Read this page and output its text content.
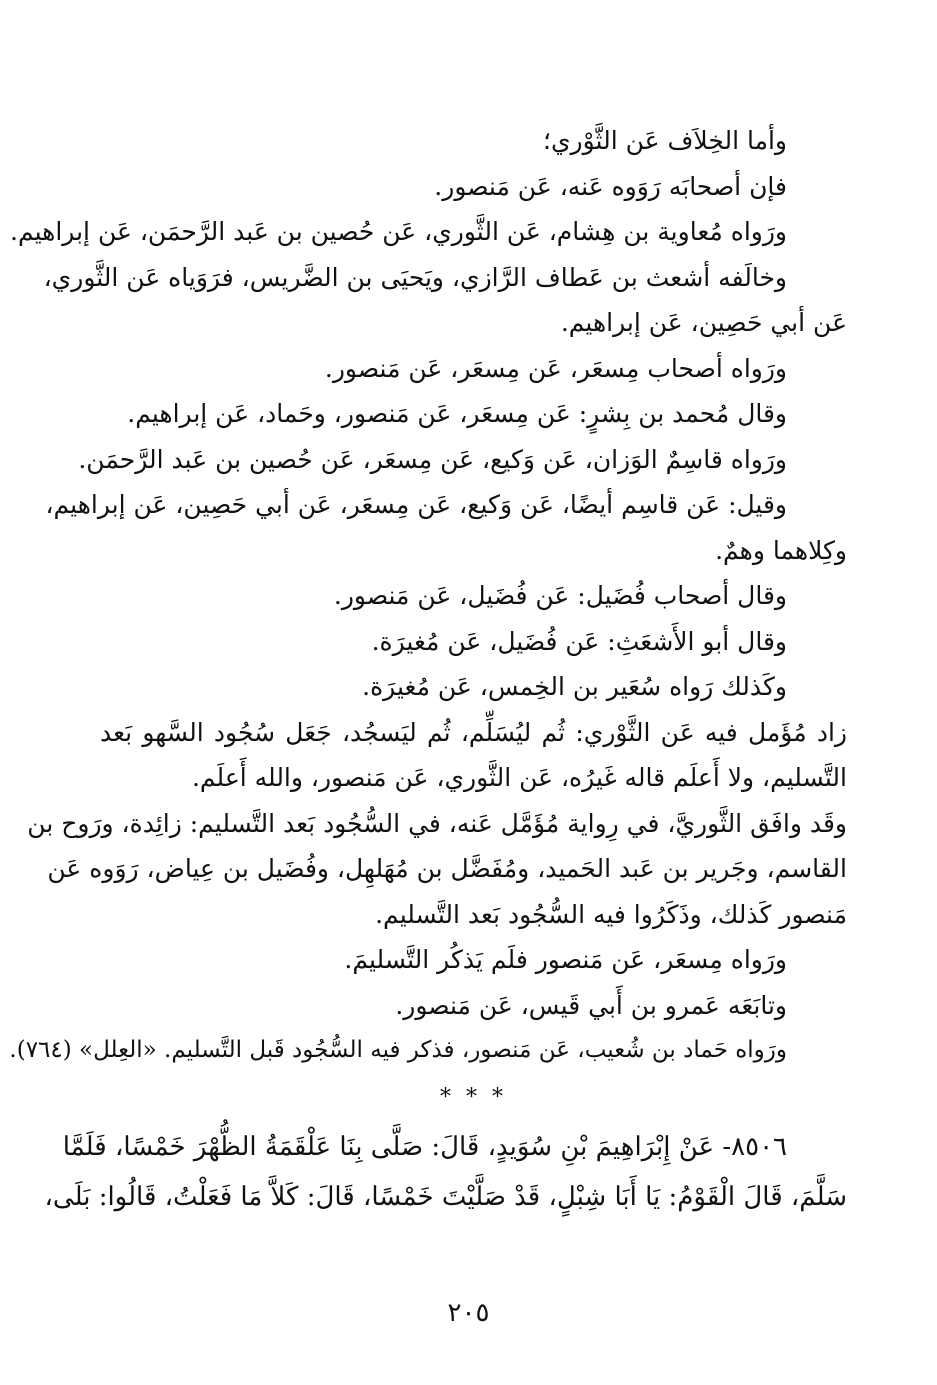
وأما الخِلاَف عَن الثَّوْري؛
فإن أصحابَه رَوَوه عَنه، عَن مَنصور.
ورَواه مُعاوية بن هِشام، عَن الثَّوري، عَن حُصين بن عَبد الرَّحمَن، عَن إبراهيم.
وخالَفه أشعث بن عَطاف الرَّازي، ويَحيَى بن الضَّريس، فرَوَياه عَن الثَّوري،
عَن أبي حَصِين، عَن إبراهيم.
ورَواه أصحاب مِسعَر، عَن مِسعَر، عَن مَنصور.
وقال مُحمد بن بِشرٍ: عَن مِسعَر، عَن مَنصور، وحَماد، عَن إبراهيم.
ورَواه قاسِمٌ الوَزان، عَن وَكيع، عَن مِسعَر، عَن حُصين بن عَبد الرَّحمَن.
وقيل: عَن قاسِم أيضًا، عَن وَكيع، عَن مِسعَر، عَن أبي حَصِين، عَن إبراهيم،
وكِلاهما وهمٌ.
وقال أصحاب فُضَيل: عَن فُضَيل، عَن مَنصور.
وقال أبو الأَشعَثِ: عَن فُضَيل، عَن مُغيرَة.
وكَذلك رَواه سُعَير بن الخِمس، عَن مُغيرَة.
زاد مُؤَمل فيه عَن الثَّوْري: ثُم ليُسَلِّم، ثُم ليَسجُد، جَعَل سُجُود السَّهو بَعد
التَّسليم، ولا أَعلَم قاله غَيرُه، عَن الثَّوري، عَن مَنصور، والله أَعلَم.
وقَد وافَق الثَّوريَّ، في رِواية مُؤَمَّل عَنه، في السُّجُود بَعد التَّسليم: زائِدة، ورَوح بن
القاسم، وجَرير بن عَبد الحَميد، ومُفَضَّل بن مُهَلهِل، وفُضَيل بن عِياض، رَوَوه عَن
مَنصور كَذلك، وذَكَرُوا فيه السُّجُود بَعد التَّسليم.
ورَواه مِسعَر، عَن مَنصور فلَم يَذكُر التَّسليمَ.
وتابَعَه عَمرو بن أَبي قَيس، عَن مَنصور.
ورَواه حَماد بن شُعيب، عَن مَنصور، فذكر فيه السُّجُود قَبل التَّسليم. «العِلل» (٧٦٤).
* * *
٨٥٠٦- عَنْ إِبْرَاهِيمَ بْنِ سُوَيدٍ، قَالَ: صَلَّى بِنَا عَلْقَمَةُ الظُّهْرَ خَمْسًا، فَلَمَّا
سَلَّمَ، قَالَ الْقَوْمُ: يَا أَبَا شِبْلٍ، قَدْ صَلَّيْتَ خَمْسًا، قَالَ: كَلاَّ مَا فَعَلْتُ، قَالُوا: بَلَى،
٢٠٥
